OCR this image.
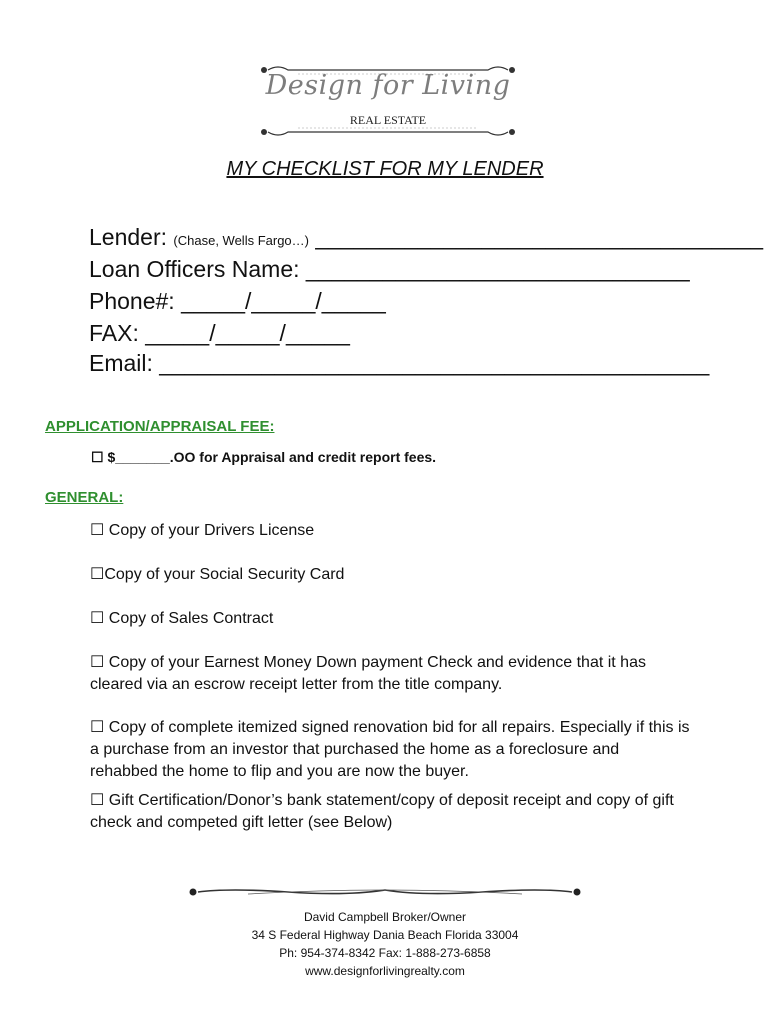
Design for Living
REAL ESTATE
MY CHECKLIST FOR MY LENDER
Lender: (Chase, Wells Fargo…) ___________________________________
Loan Officers Name: ______________________________
Phone#: _____/_____/_____
FAX: _____/_____/_____
Email: ___________________________________________
APPLICATION/APPRAISAL FEE:
☐ $_______.OO for Appraisal and credit report fees.
GENERAL:
☐ Copy of your Drivers License
☐Copy of your Social Security Card
☐ Copy of Sales Contract
☐ Copy of your Earnest Money Down payment Check and evidence that it has cleared via an escrow receipt letter from the title company.
☐ Copy of complete itemized signed renovation bid for all repairs. Especially if this is a purchase from an investor that purchased the home as a foreclosure and rehabbed the home to flip and you are now the buyer.
☐ Gift Certification/Donor’s bank statement/copy of deposit receipt and copy of gift check and competed gift letter (see Below)
David Campbell Broker/Owner
34 S Federal Highway Dania Beach Florida 33004
Ph: 954-374-8342 Fax: 1-888-273-6858
www.designforlivingrealty.com
